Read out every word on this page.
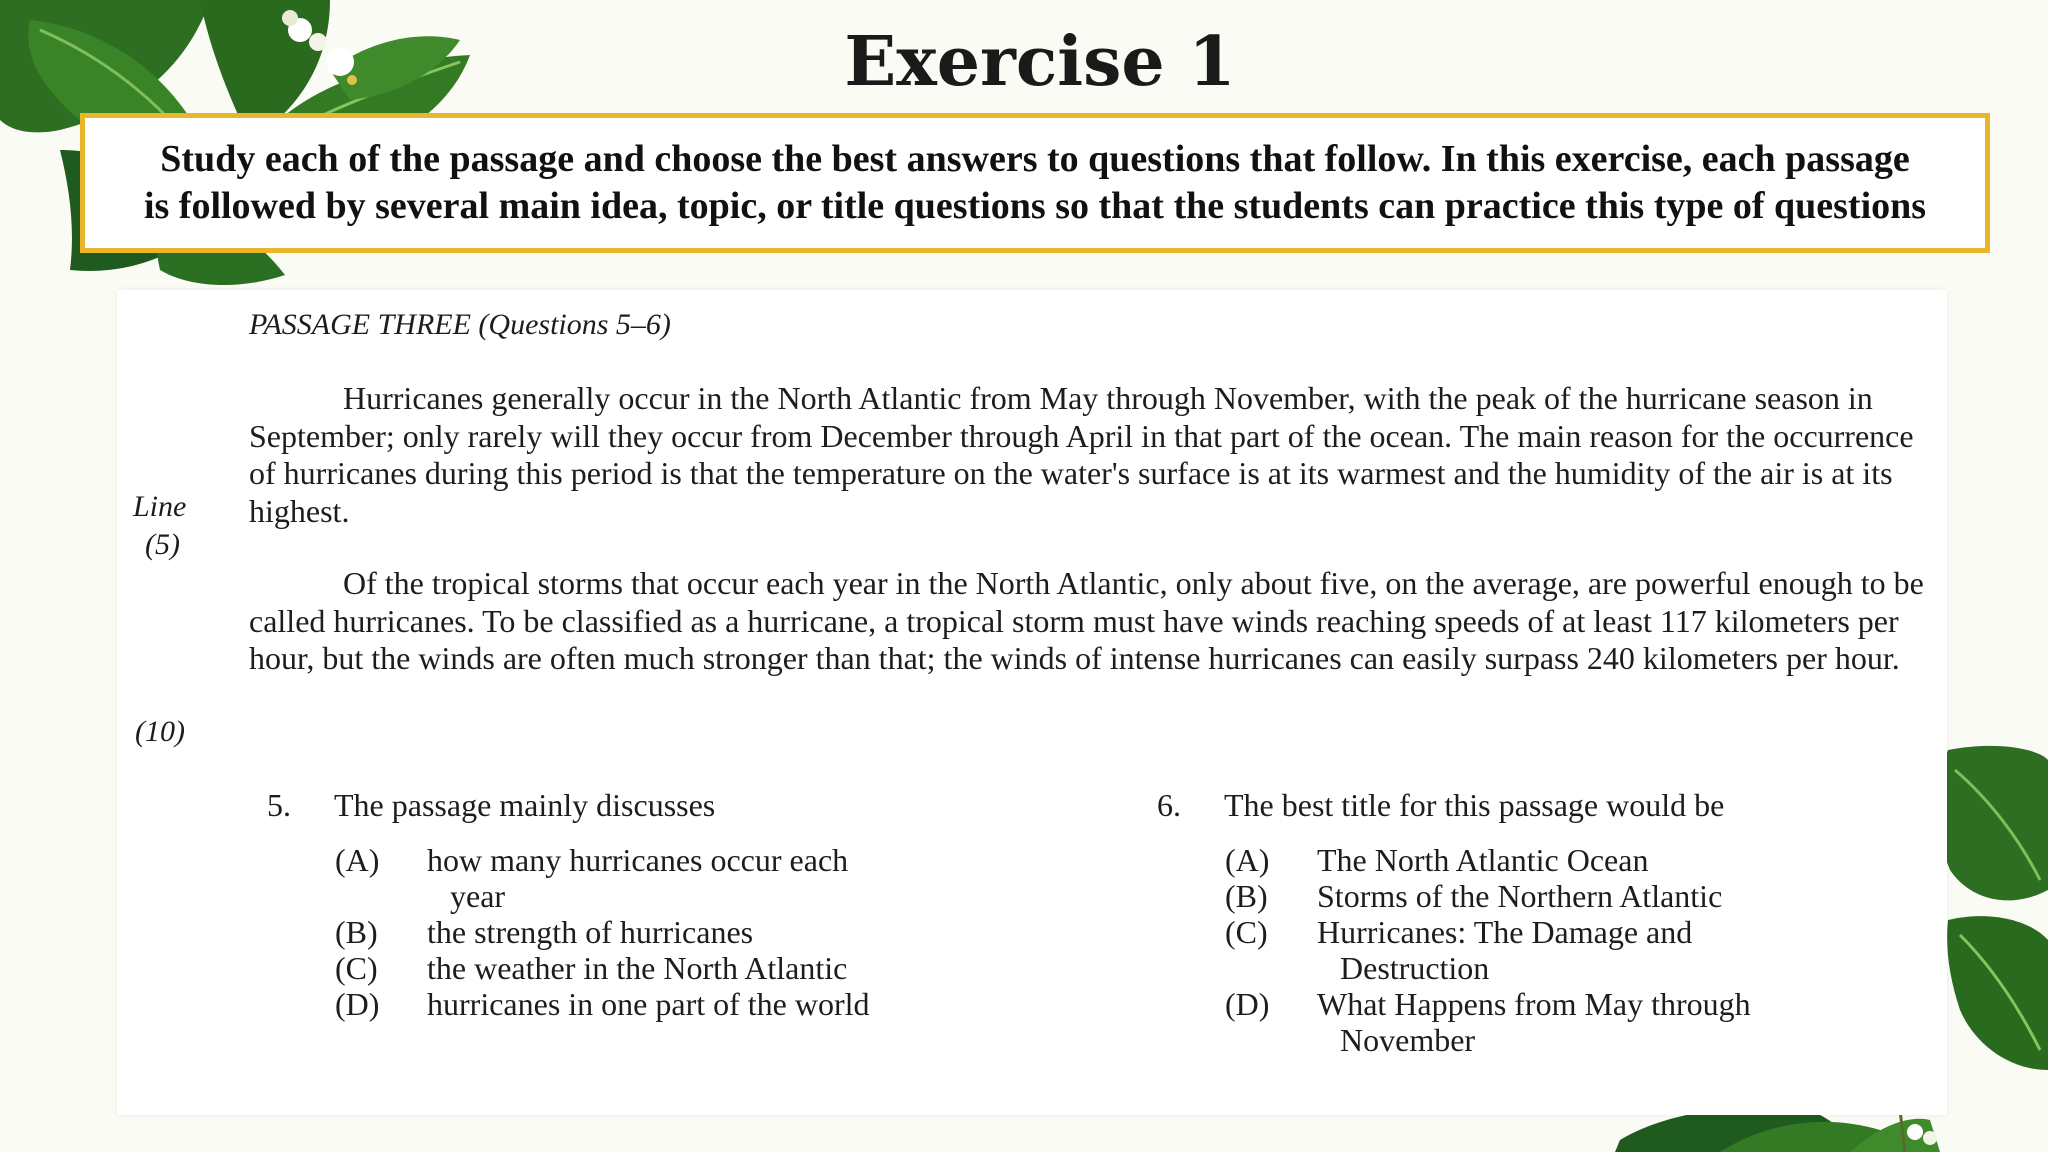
Exercise 1
Study each of the passage and choose the best answers to questions that follow. In this exercise, each passage
is followed by several main idea, topic, or title questions so that the students can practice this type of questions
PASSAGE THREE (Questions 5–6)
Line
(5)
(10)

Hurricanes generally occur in the North Atlantic from May through November, with the peak of the hurricane season in September; only rarely will they occur from December through April in that part of the ocean. The main reason for the occurrence of hurricanes during this period is that the temperature on the water's surface is at its warmest and the humidity of the air is at its highest.

Of the tropical storms that occur each year in the North Atlantic, only about five, on the average, are powerful enough to be called hurricanes. To be classified as a hurricane, a tropical storm must have winds reaching speeds of at least 117 kilometers per hour, but the winds are often much stronger than that; the winds of intense hurricanes can easily surpass 240 kilometers per hour.

5. The passage mainly discusses
(A) how many hurricanes occur each
year
(B) the strength of hurricanes
(C) the weather in the North Atlantic
(D) hurricanes in one part of the world
6. The best title for this passage would be
(A) The North Atlantic Ocean
(B) Storms of the Northern Atlantic
(C) Hurricanes: The Damage and
Destruction
(D) What Happens from May through
November
